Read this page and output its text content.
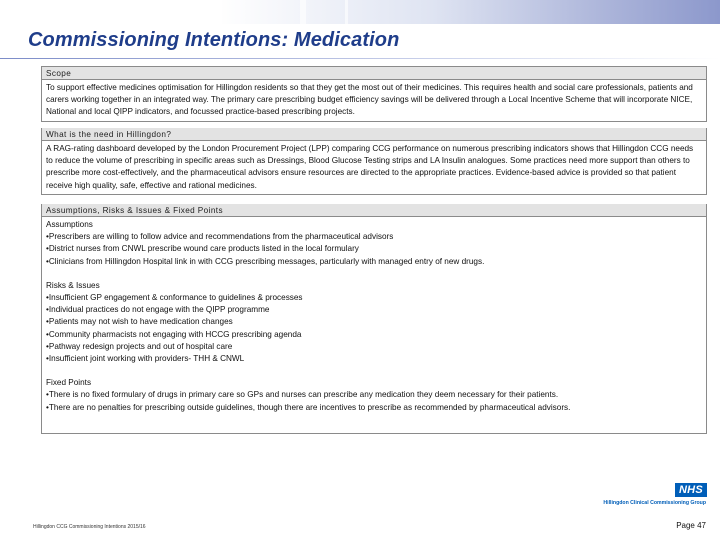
Commissioning Intentions: Medication
Scope
To support effective medicines optimisation for Hillingdon residents so that they get the most out of their medicines. This requires health and social care professionals, patients and carers working together in an integrated way. The primary care prescribing budget efficiency savings will be delivered through a Local Incentive Scheme that will incorporate NICE, National and local QIPP indicators, and focussed practice-based prescribing projects.
What is the need in Hillingdon?
A RAG-rating dashboard developed by the London Procurement Project (LPP) comparing CCG performance on numerous prescribing indicators shows that Hillingdon CCG needs to reduce the volume of prescribing in specific areas such as Dressings, Blood Glucose Testing strips and LA Insulin analogues. Some practices need more support than others to prescribe more cost-effectively, and the pharmaceutical advisors ensure resources are directed to the appropriate practices. Evidence-based advice is provided so that patient receive high quality, safe, effective and rational medicines.
Assumptions, Risks & Issues & Fixed Points
Assumptions
•Prescribers are willing to follow advice and recommendations from the pharmaceutical advisors
•District nurses from CNWL prescribe wound care products listed in the local formulary
•Clinicians from Hillingdon Hospital link in with CCG prescribing messages, particularly with managed entry of new drugs.
Risks & Issues
•Insufficient GP engagement & conformance to guidelines & processes
•Individual practices do not engage with the QIPP programme
•Patients may not wish to have medication changes
•Community pharmacists not engaging with HCCG prescribing agenda
•Pathway redesign projects and out of hospital care
•Insufficient joint working with providers- THH & CNWL
Fixed Points
•There is no fixed formulary of drugs in primary care so GPs and nurses can prescribe any medication they deem necessary for their patients.
•There are no penalties for prescribing outside guidelines, though there are incentives to prescribe as recommended by pharmaceutical advisors.
NHS
Hillingdon Clinical Commissioning Group
Hillingdon CCG Commissioning Intentions 2015/16	Page 47
